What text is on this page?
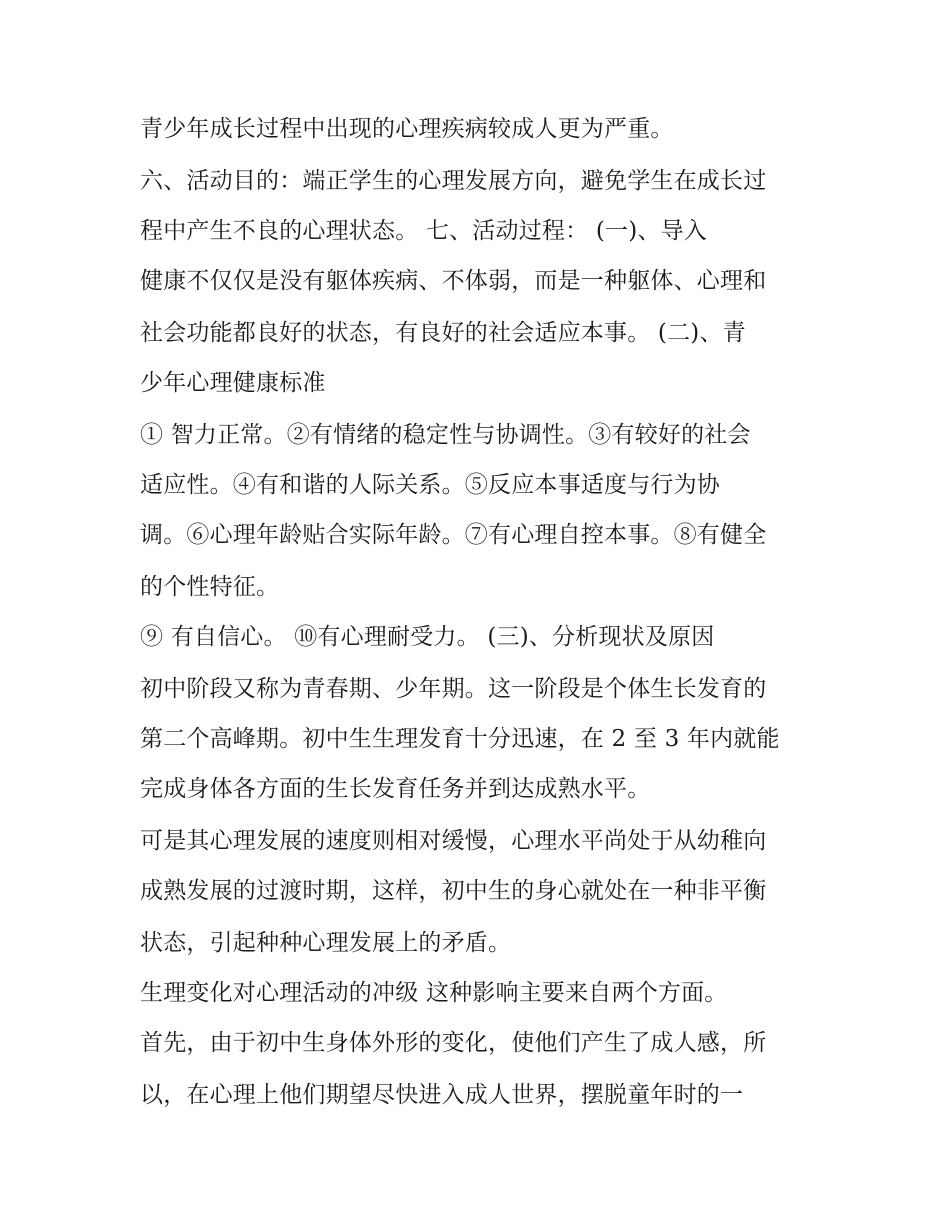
青少年成长过程中出现的心理疾病较成人更为严重。
六、活动目的：端正学生的心理发展方向，避免学生在成长过
程中产生不良的心理状态。 七、活动过程： (一)、导入
健康不仅仅是没有躯体疾病、不体弱，而是一种躯体、心理和
社会功能都良好的状态，有良好的社会适应本事。 (二)、青
少年心理健康标准
① 智力正常。②有情绪的稳定性与协调性。③有较好的社会
适应性。④有和谐的人际关系。⑤反应本事适度与行为协
调。⑥心理年龄贴合实际年龄。⑦有心理自控本事。⑧有健全
的个性特征。
⑨ 有自信心。 ⑩有心理耐受力。 (三)、分析现状及原因
初中阶段又称为青春期、少年期。这一阶段是个体生长发育的
第二个高峰期。初中生生理发育十分迅速，在 2 至 3 年内就能
完成身体各方面的生长发育任务并到达成熟水平。
可是其心理发展的速度则相对缓慢，心理水平尚处于从幼稚向
成熟发展的过渡时期，这样，初中生的身心就处在一种非平衡
状态，引起种种心理发展上的矛盾。
生理变化对心理活动的冲级 这种影响主要来自两个方面。
首先，由于初中生身体外形的变化，使他们产生了成人感，所
以，在心理上他们期望尽快进入成人世界，摆脱童年时的一
